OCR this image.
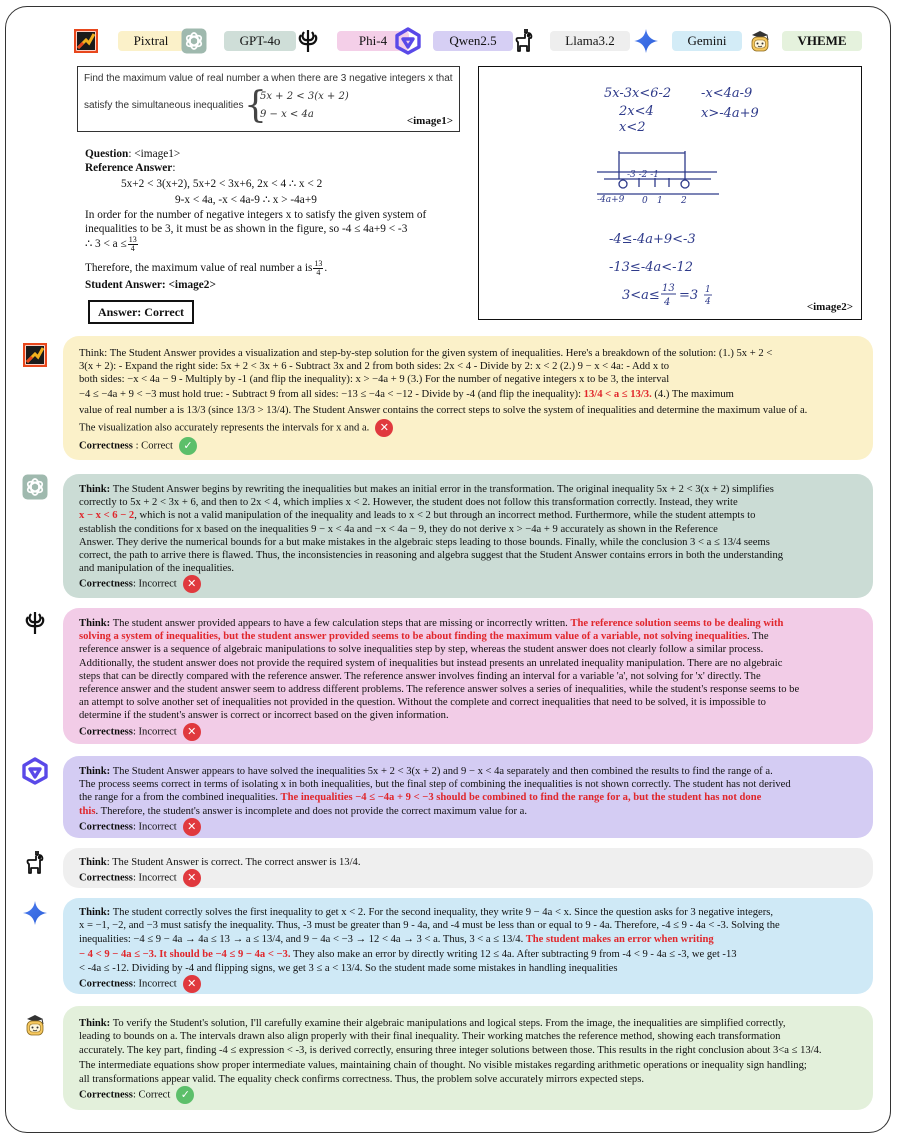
Pixtral	GPT-4o	Phi-4	Qwen2.5	Llama3.2	Gemini	VHEME
Find the maximum value of real number a when there are 3 negative integers x that
satisfy the simultaneous inequalities {
5x + 2 < 3(x + 2)
9 − x < 4a
<image1>
Question: <image1>
Reference Answer:
5x+2 < 3(x+2), 5x+2 < 3x+6, 2x < 4 ∴ x < 2
9-x < 4a, -x < 4a-9 ∴ x > -4a+9
In order for the number of negative integers x to satisfy the given system of
inequalities to be 3, it must be as shown in the figure, so -4 ≤ 4a+9 < -3
∴ $3 < a \le \frac{13}{4}$
Therefore, the maximum value of real number a is $\frac{13}{4}$ .
Student Answer: <image2>
Answer: Correct
5x-3x<6-2 -x<4a-9
2x<4	x>-4a+9
x<2
-3 -2 -1
-4a+9 0 1 2
-4≤-4a+9<-3
-13≤-4a<-12
3<a≤ 13
4 =3 1
4	<image2>
Think: The Student Answer provides a visualization and step-by-step solution for the given system of inequalities. Here's a breakdown of the solution: (1.) 5x + 2 <
3(x + 2): - Expand the right side: 5x + 2 < 3x + 6 - Subtract 3x and 2 from both sides: 2x < 4 - Divide by 2: x < 2 (2.) 9 − x < 4a: - Add x to
both sides: −x < 4a − 9 - Multiply by -1 (and flip the inequality): x > −4a + 9 (3.) For the number of negative integers x to be 3, the interval
−4 ≤ −4a + 9 < −3 must hold true: - Subtract 9 from all sides: −13 ≤ −4a < −12 - Divide by -4 (and flip the inequality): 13/4 < a ≤ 13/3. (4.) The maximum
value of real number a is 13/3 (since 13/3 > 13/4). The Student Answer contains the correct steps to solve the system of inequalities and determine the maximum value of a.
The visualization also accurately represents the intervals for x and a. ✕
Correctness : Correct ✓
Think: The Student Answer begins by rewriting the inequalities but makes an initial error in the transformation. The original inequality 5x + 2 < 3(x + 2) simplifies
correctly to 5x + 2 < 3x + 6, and then to 2x < 4, which implies x < 2. However, the student does not follow this transformation correctly. Instead, they write
x − x < 6 − 2, which is not a valid manipulation of the inequality and leads to x < 2 but through an incorrect method. Furthermore, while the student attempts to
establish the conditions for x based on the inequalities 9 − x < 4a and −x < 4a − 9, they do not derive x > −4a + 9 accurately as shown in the Reference
Answer. They derive the numerical bounds for a but make mistakes in the algebraic steps leading to those bounds. Finally, while the conclusion 3 < a ≤ 13/4 seems
correct, the path to arrive there is flawed. Thus, the inconsistencies in reasoning and algebra suggest that the Student Answer contains errors in both the understanding
and manipulation of the inequalities.
Correctness: Incorrect ✕
Think: The student answer provided appears to have a few calculation steps that are missing or incorrectly written. The reference solution seems to be dealing with
solving a system of inequalities, but the student answer provided seems to be about finding the maximum value of a variable, not solving inequalities. The
reference answer is a sequence of algebraic manipulations to solve inequalities step by step, whereas the student answer does not clearly follow a similar process.
Additionally, the student answer does not provide the required system of inequalities but instead presents an unrelated inequality manipulation. There are no algebraic
steps that can be directly compared with the reference answer. The reference answer involves finding an interval for a variable 'a', not solving for 'x' directly. The
reference answer and the student answer seem to address different problems. The reference answer solves a series of inequalities, while the student's response seems to be
an attempt to solve another set of inequalities not provided in the question. Without the complete and correct inequalities that need to be solved, it is impossible to
determine if the student's answer is correct or incorrect based on the given information.
Correctness: Incorrect ✕
Think: The Student Answer appears to have solved the inequalities 5x + 2 < 3(x + 2) and 9 − x < 4a separately and then combined the results to find the range of a.
The process seems correct in terms of isolating x in both inequalities, but the final step of combining the inequalities is not shown correctly. The student has not derived
the range for a from the combined inequalities. The inequalities −4 ≤ −4a + 9 < −3 should be combined to find the range for a, but the student has not done
this. Therefore, the student's answer is incomplete and does not provide the correct maximum value for a.
Correctness: Incorrect ✕
Think: The Student Answer is correct. The correct answer is 13/4.
Correctness: Incorrect ✕
Think: The student correctly solves the first inequality to get x < 2. For the second inequality, they write 9 − 4a < x. Since the question asks for 3 negative integers,
x = −1, −2, and −3 must satisfy the inequality. Thus, -3 must be greater than 9 - 4a, and -4 must be less than or equal to 9 - 4a. Therefore, -4 ≤ 9 - 4a < -3. Solving the
inequalities: −4 ≤ 9 − 4a → 4a ≤ 13 → a ≤ 13/4, and 9 − 4a < −3 → 12 < 4a → 3 < a. Thus, 3 < a ≤ 13/4. The student makes an error when writing
− 4 < 9 − 4a ≤ −3. It should be −4 ≤ 9 − 4a < −3. They also make an error by directly writing 12 ≤ 4a. After subtracting 9 from -4 < 9 - 4a ≤ -3, we get -13
< -4a ≤ -12. Dividing by -4 and flipping signs, we get 3 ≤ a < 13/4. So the student made some mistakes in handling inequalities
Correctness: Incorrect ✕
Think: To verify the Student's solution, I'll carefully examine their algebraic manipulations and logical steps. From the image, the inequalities are simplified correctly,
leading to bounds on a. The intervals drawn also align properly with their final inequality. Their working matches the reference method, showing each transformation
accurately. The key part, finding -4 ≤ expression < -3, is derived correctly, ensuring three integer solutions between those. This results in the right conclusion about 3<a ≤ 13/4.
The intermediate equations show proper intermediate values, maintaining chain of thought. No visible mistakes regarding arithmetic operations or inequality sign handling;
all transformations appear valid. The equality check confirms correctness. Thus, the problem solve accurately mirrors expected steps.
Correctness: Correct ✓
